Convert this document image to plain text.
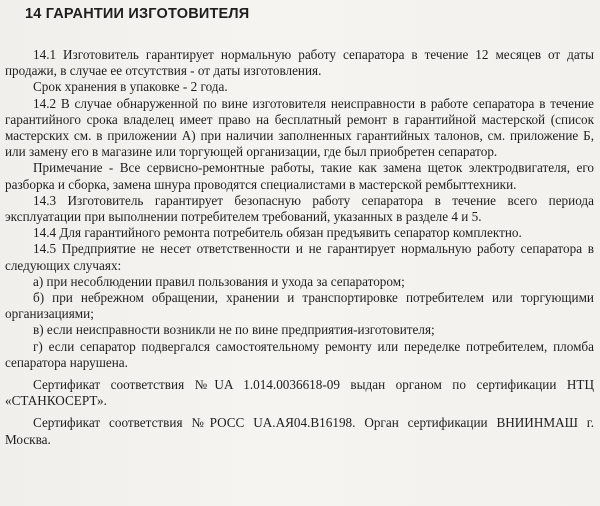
14 ГАРАНТИИ ИЗГОТОВИТЕЛЯ

14.1 Изготовитель гарантирует нормальную работу сепаратора в течение 12 месяцев от даты продажи, в случае ее отсутствия - от даты изготовления.

Срок хранения в упаковке - 2 года.

14.2 В случае обнаруженной по вине изготовителя неисправности в работе сепаратора в течение гарантийного срока владелец имеет право на бесплатный ремонт в гарантийной мастерской (список мастерских см. в приложении А) при наличии заполненных гарантийных талонов, см. приложение Б, или замену его в магазине или торгующей организации, где был приобретен сепаратор.

Примечание - Все сервисно-ремонтные работы, такие как замена щеток электродвигателя, его разборка и сборка, замена шнура проводятся специалистами в мастерской рембыттехники.

14.3 Изготовитель гарантирует безопасную работу сепаратора в течение всего периода эксплуатации при выполнении потребителем требований, указанных в разделе 4 и 5.

14.4 Для гарантийного ремонта потребитель обязан предъявить сепаратор комплектно.

14.5 Предприятие не несет ответственности и не гарантирует нормальную работу сепаратора в следующих случаях:

а) при несоблюдении правил пользования и ухода за сепаратором;

б) при небрежном обращении, хранении и транспортировке потребителем или торгующими организациями;

в) если неисправности возникли не по вине предприятия-изготовителя;

г) если сепаратор подвергался самостоятельному ремонту или переделке потребителем, пломба сепаратора нарушена.

Сертификат соответствия №UA 1.014.0036618-09 выдан органом по сертификации НТЦ «СТАНКОСЕРТ».

Сертификат соответствия №РОСС UA.АЯ04.В16198. Орган сертификации ВНИИНМАШ г. Москва.
